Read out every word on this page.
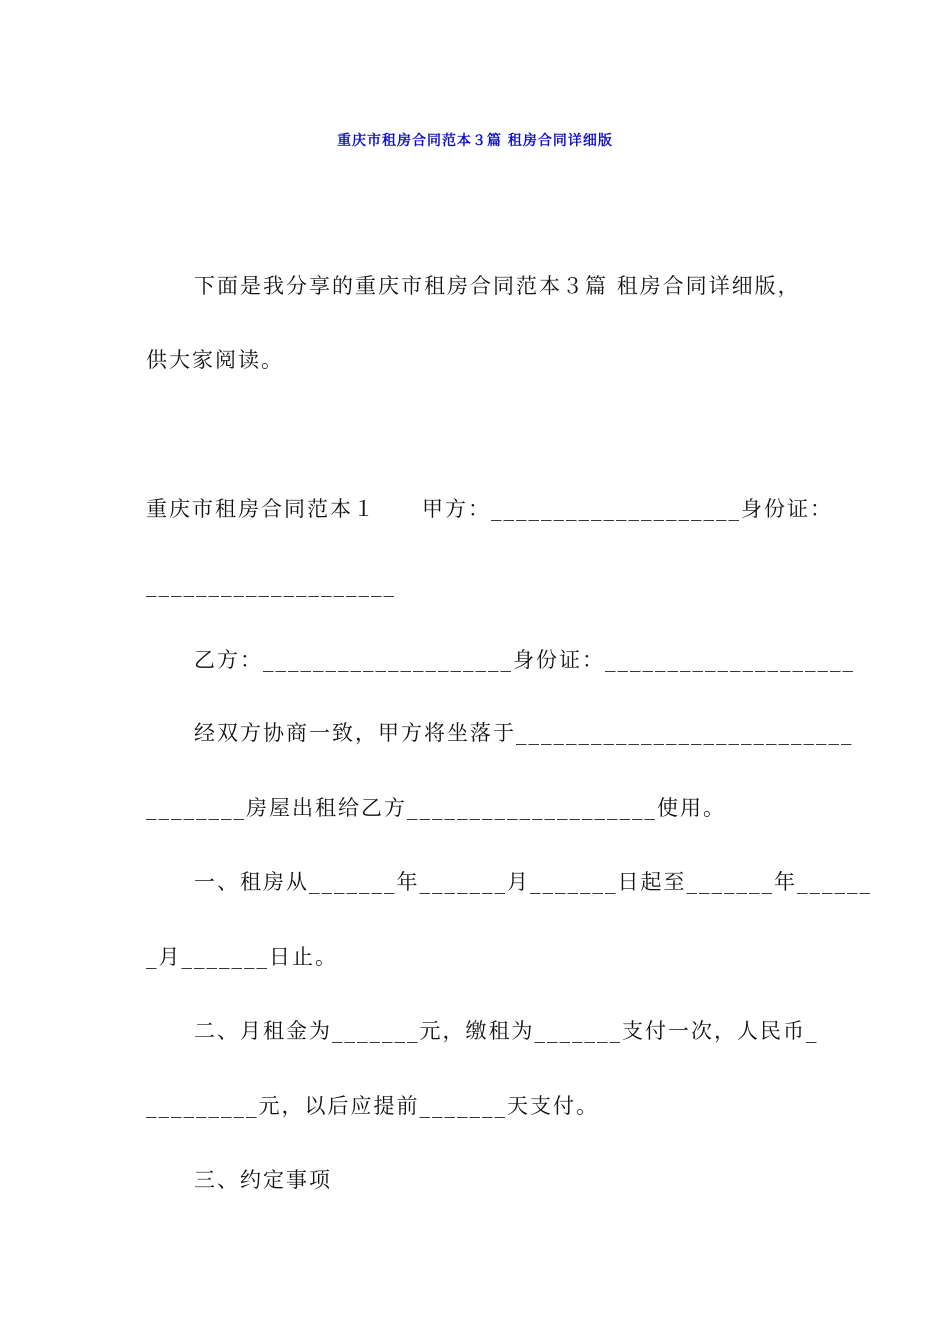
重庆市租房合同范本３篇 租房合同详细版
下面是我分享的重庆市租房合同范本３篇 租房合同详细版，
供大家阅读。
重庆市租房合同范本１　　甲方：____________________身份证：
____________________
乙方：____________________身份证：____________________
经双方协商一致，甲方将坐落于___________________________
________房屋出租给乙方____________________使用。
一、租房从_______年_______月_______日起至_______年______
_月_______日止。
二、月租金为_______元，缴租为_______支付一次，人民币_
_________元，以后应提前_______天支付。
三、约定事项
